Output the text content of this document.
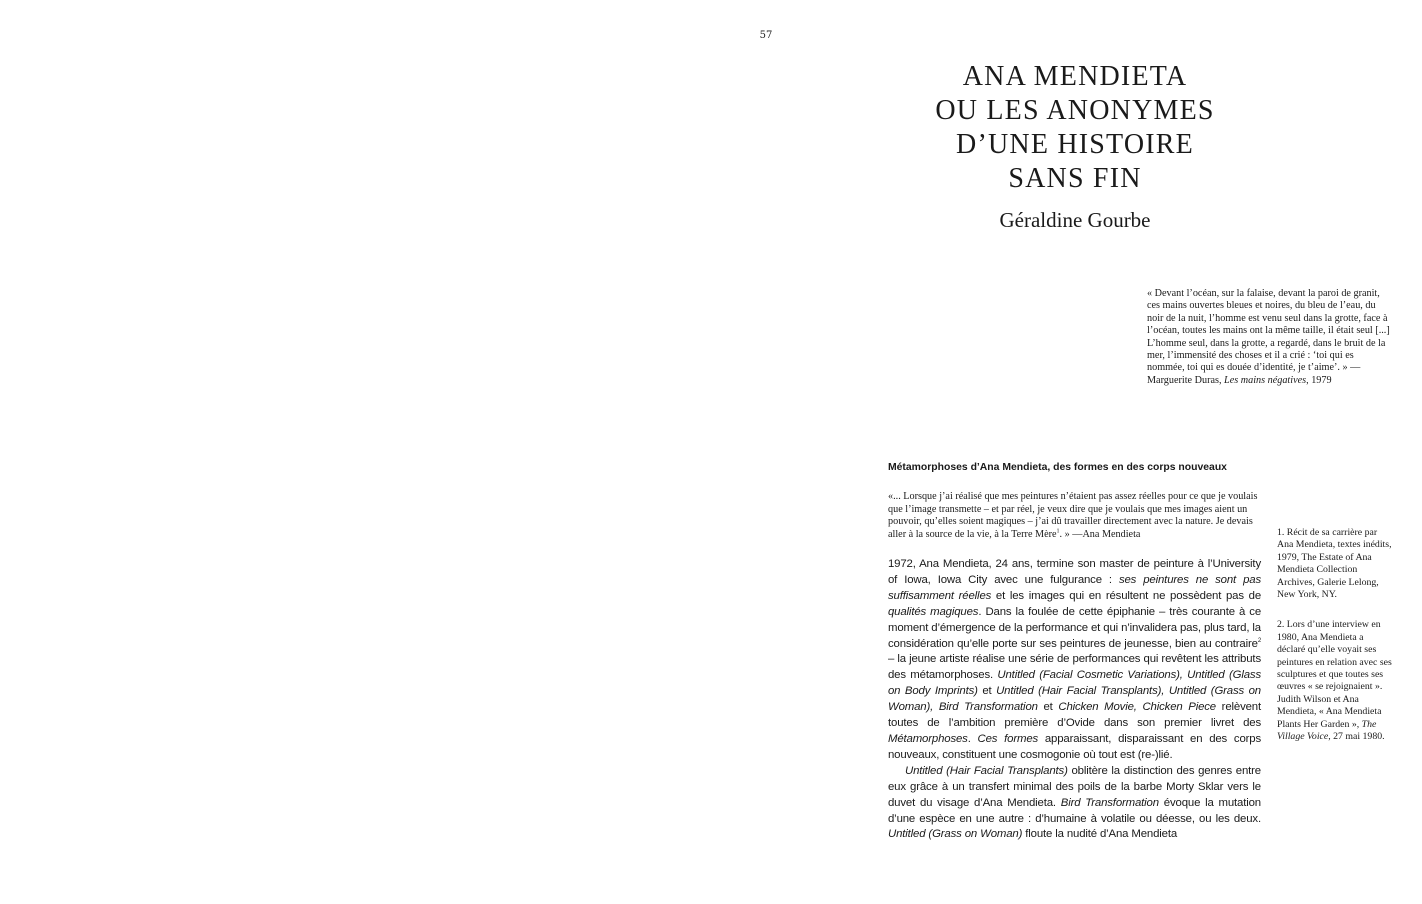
57
ANA MENDIETA
OU LES ANONYMES
D’UNE HISTOIRE
SANS FIN
Géraldine Gourbe
« Devant l’océan, sur la falaise, devant la paroi de granit, ces mains ouvertes bleues et noires, du bleu de l’eau, du noir de la nuit, l’homme est venu seul dans la grotte, face à l’océan, toutes les mains ont la même taille, il était seul [...] L’homme seul, dans la grotte, a regardé, dans le bruit de la mer, l’immensité des choses et il a crié : ‘toi qui es nommée, toi qui es douée d’identité, je t’aime’. » —Marguerite Duras, Les mains négatives, 1979
Métamorphoses d’Ana Mendieta, des formes en des corps nouveaux
«... Lorsque j’ai réalisé que mes peintures n’étaient pas assez réelles pour ce que je voulais que l’image transmette – et par réel, je veux dire que je voulais que mes images aient un pouvoir, qu’elles soient magiques – j’ai dû travailler directement avec la nature. Je devais aller à la source de la vie, à la Terre Mère$^1$. » —Ana Mendieta

1972, Ana Mendieta, 24 ans, termine son master de peinture à l’University of Iowa, Iowa City avec une fulgurance : ses peintures ne sont pas suffisamment réelles et les images qui en résultent ne possèdent pas de qualités magiques. Dans la foulée de cette épiphanie – très courante à ce moment d’émergence de la performance et qui n’invalidera pas, plus tard, la considération qu’elle porte sur ses peintures de jeunesse, bien au contraire$^2$ – la jeune artiste réalise une série de performances qui revêtent les attributs des métamorphoses. Untitled (Facial Cosmetic Variations), Untitled (Glass on Body Imprints) et Untitled (Hair Facial Transplants), Untitled (Grass on Woman), Bird Transformation et Chicken Movie, Chicken Piece relèvent toutes de l’ambition première d’Ovide dans son premier livret des Métamorphoses. Ces formes apparaissant, disparaissant en des corps nouveaux, constituent une cosmogonie où tout est (re-)lié.

Untitled (Hair Facial Transplants) oblitère la distinction des genres entre eux grâce à un transfert minimal des poils de la barbe Morty Sklar vers le duvet du visage d’Ana Mendieta. Bird Transformation évoque la mutation d’une espèce en une autre : d’humaine à volatile ou déesse, ou les deux. Untitled (Grass on Woman) floute la nudité d’Ana Mendieta

1. Récit de sa carrière par Ana Mendieta, textes inédits, 1979, The Estate of Ana Mendieta Collection Archives, Galerie Lelong, New York, NY.

2. Lors d’une interview en 1980, Ana Mendieta a déclaré qu’elle voyait ses peintures en relation avec ses sculptures et que toutes ses œuvres « se rejoignaient ». Judith Wilson et Ana Mendieta, « Ana Mendieta Plants Her Garden », The Village Voice, 27 mai 1980.
